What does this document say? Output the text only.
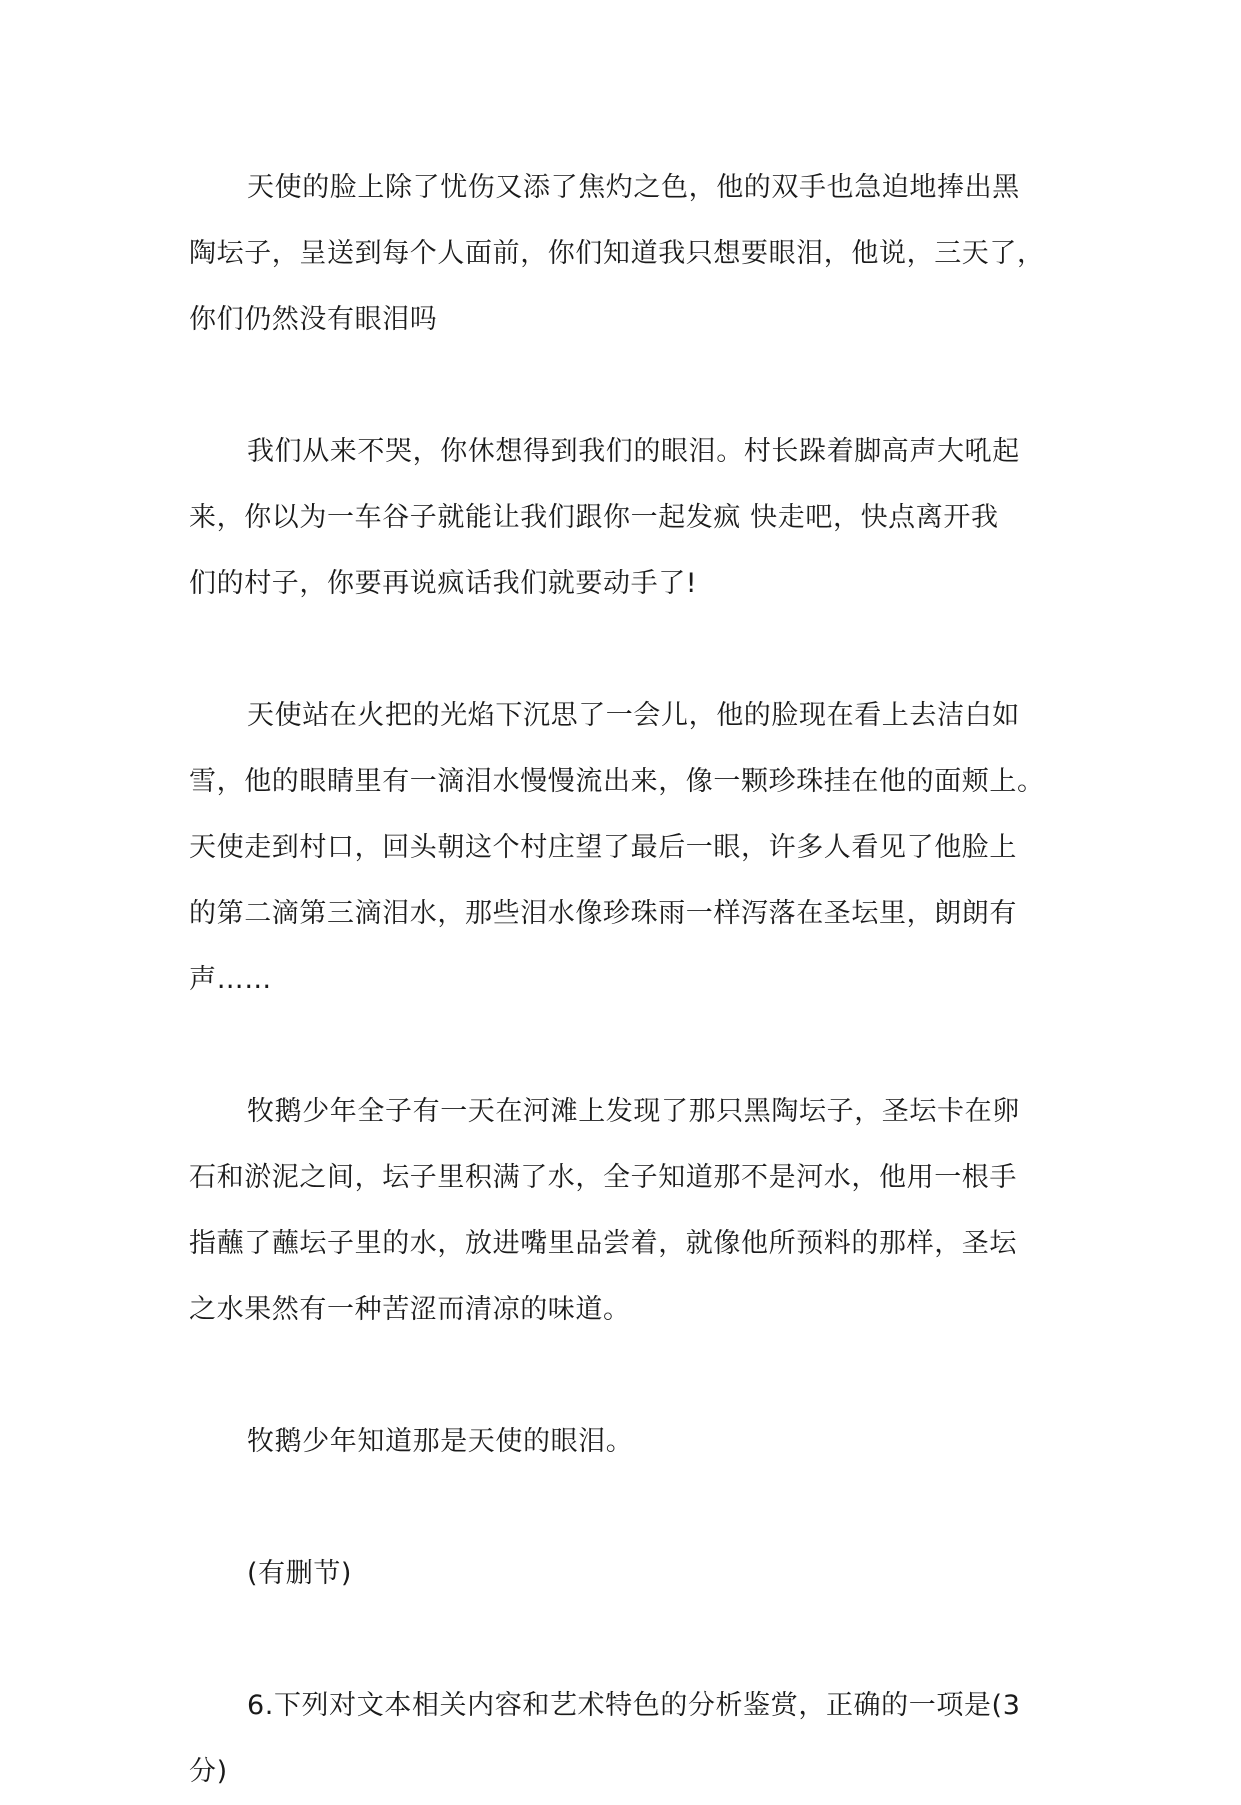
天使的脸上除了忧伤又添了焦灼之色，他的双手也急迫地捧出黑
陶坛子，呈送到每个人面前，你们知道我只想要眼泪，他说，三天了，
你们仍然没有眼泪吗

我们从来不哭，你休想得到我们的眼泪。村长跺着脚高声大吼起
来，你以为一车谷子就能让我们跟你一起发疯 快走吧，快点离开我
们的村子，你要再说疯话我们就要动手了!

天使站在火把的光焰下沉思了一会儿，他的脸现在看上去洁白如
雪，他的眼睛里有一滴泪水慢慢流出来，像一颗珍珠挂在他的面颊上。
天使走到村口，回头朝这个村庄望了最后一眼，许多人看见了他脸上
的第二滴第三滴泪水，那些泪水像珍珠雨一样泻落在圣坛里，朗朗有
声……

牧鹅少年全子有一天在河滩上发现了那只黑陶坛子，圣坛卡在卵
石和淤泥之间，坛子里积满了水，全子知道那不是河水，他用一根手
指蘸了蘸坛子里的水，放进嘴里品尝着，就像他所预料的那样，圣坛
之水果然有一种苦涩而清凉的味道。

牧鹅少年知道那是天使的眼泪。

(有删节)

6.下列对文本相关内容和艺术特色的分析鉴赏，正确的一项是(3
分)
